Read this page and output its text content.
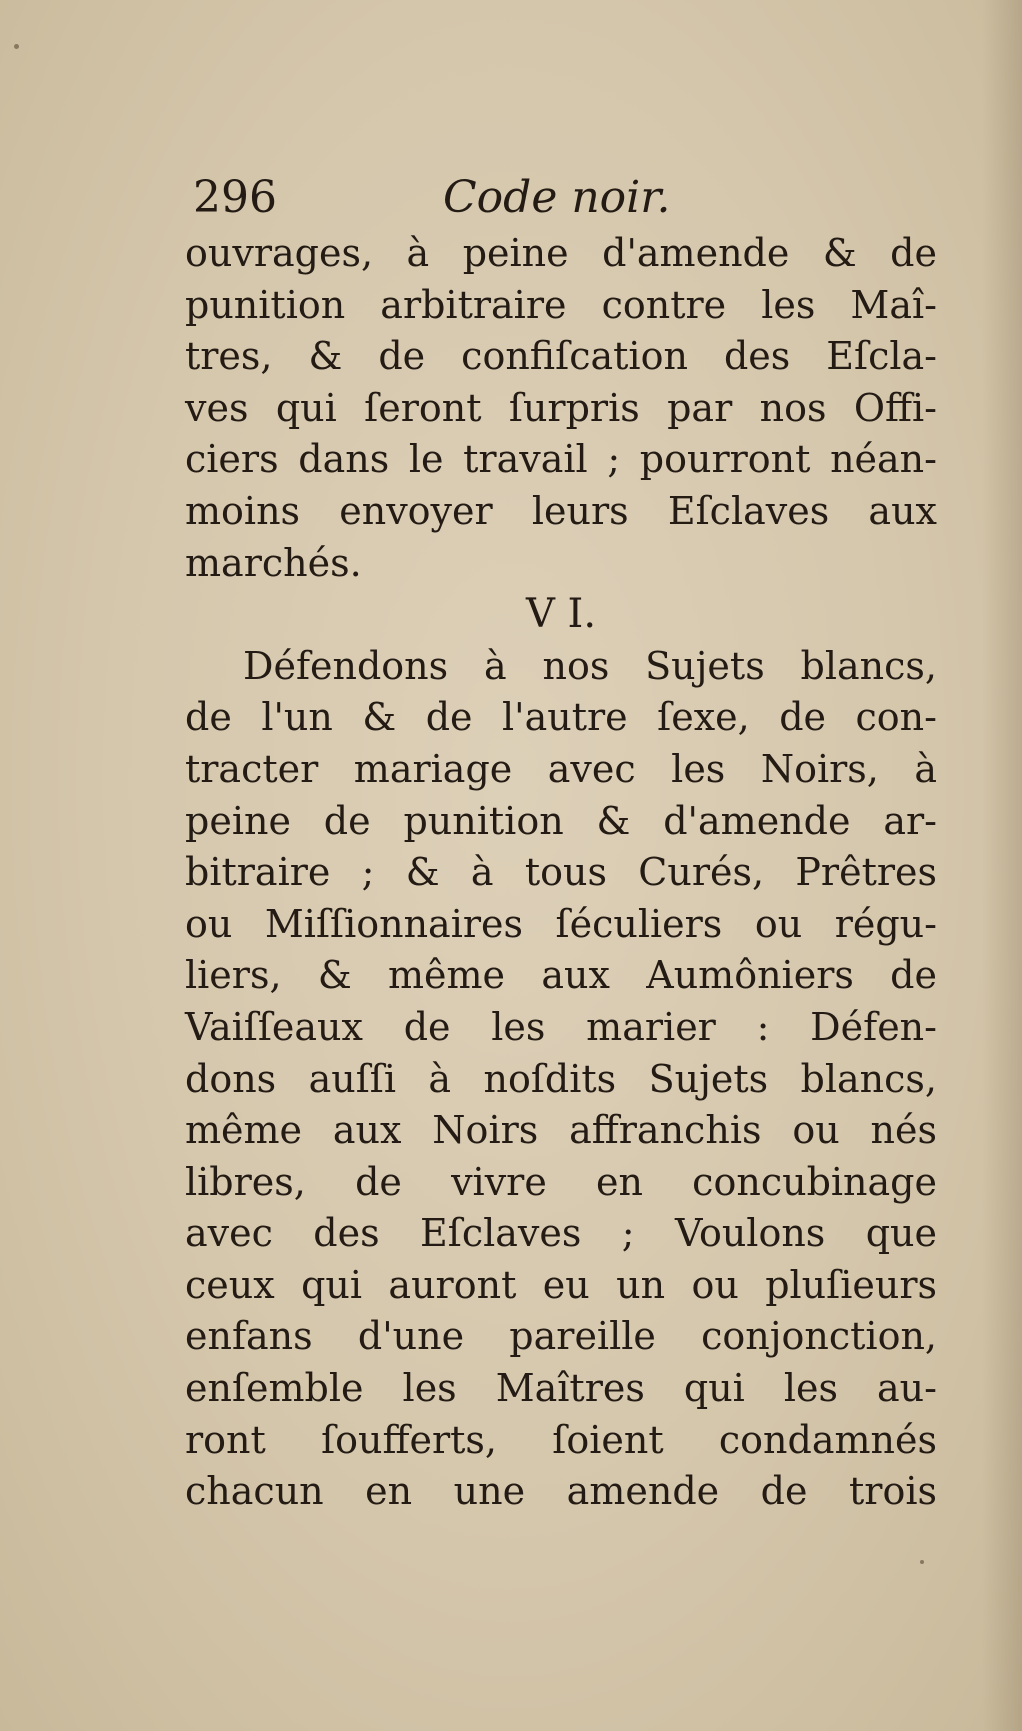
296	Code noir.
ouvrages, à peine d'amende & de
punition arbitraire contre les Maî-
tres, & de confiſcation des Eſcla-
ves qui ſeront ſurpris par nos Offi-
ciers dans le travail ; pourront néan-
moins envoyer leurs Eſclaves aux
marchés.
V I.
Défendons à nos Sujets blancs,
de l'un & de l'autre ſexe, de con-
tracter mariage avec les Noirs, à
peine de punition & d'amende ar-
bitraire ; & à tous Curés, Prêtres
ou Miſſionnaires ſéculiers ou régu-
liers, & même aux Aumôniers de
Vaiſſeaux de les marier : Défen-
dons auſſi à noſdits Sujets blancs,
même aux Noirs affranchis ou nés
libres, de vivre en concubinage
avec des Eſclaves ; Voulons que
ceux qui auront eu un ou pluſieurs
enfans d'une pareille conjonction,
enſemble les Maîtres qui les au-
ront ſoufferts, ſoient condamnés
chacun en une amende de trois
